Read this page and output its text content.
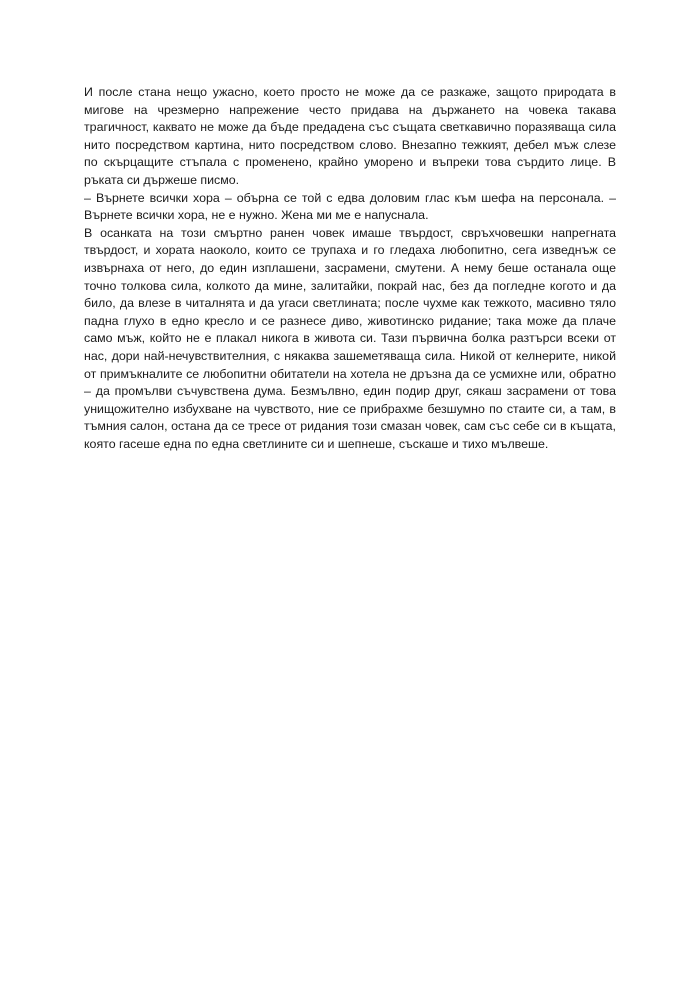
И после стана нещо ужасно, което просто не може да се разкаже, защото природата в мигове на чрезмерно напрежение често придава на държането на човека такава трагичност, каквато не може да бъде предадена със същата светкавично поразяваща сила нито посредством картина, нито посредством слово. Внезапно тежкият, дебел мъж слезе по скърцащите стъпала с променено, крайно уморено и въпреки това сърдито лице. В ръката си държеше писмо.

– Върнете всички хора – обърна се той с едва доловим глас към шефа на персонала. – Върнете всички хора, не е нужно. Жена ми ме е напуснала.

В осанката на този смъртно ранен човек имаше твърдост, свръхчовешки напрегната твърдост, и хората наоколо, които се трупаха и го гледаха любопитно, сега изведнъж се извърнаха от него, до един изплашени, засрамени, смутени. А нему беше останала още точно толкова сила, колкото да мине, залитайки, покрай нас, без да погледне когото и да било, да влезе в читалнята и да угаси светлината; после чухме как тежкото, масивно тяло падна глухо в едно кресло и се разнесе диво, животинско ридание; така може да плаче само мъж, който не е плакал никога в живота си. Тази първична болка разтърси всеки от нас, дори най-нечувствителния, с някаква зашеметяваща сила. Никой от келнерите, никой от примъкналите се любопитни обитатели на хотела не дръзна да се усмихне или, обратно – да промълви съчувствена дума. Безмълвно, един подир друг, сякаш засрамени от това унищожително избухване на чувството, ние се прибрахме безшумно по стаите си, а там, в тъмния салон, остана да се тресе от ридания този смазан човек, сам със себе си в къщата, която гасеше една по една светлините си и шепнеше, съскаше и тихо мълвеше.
